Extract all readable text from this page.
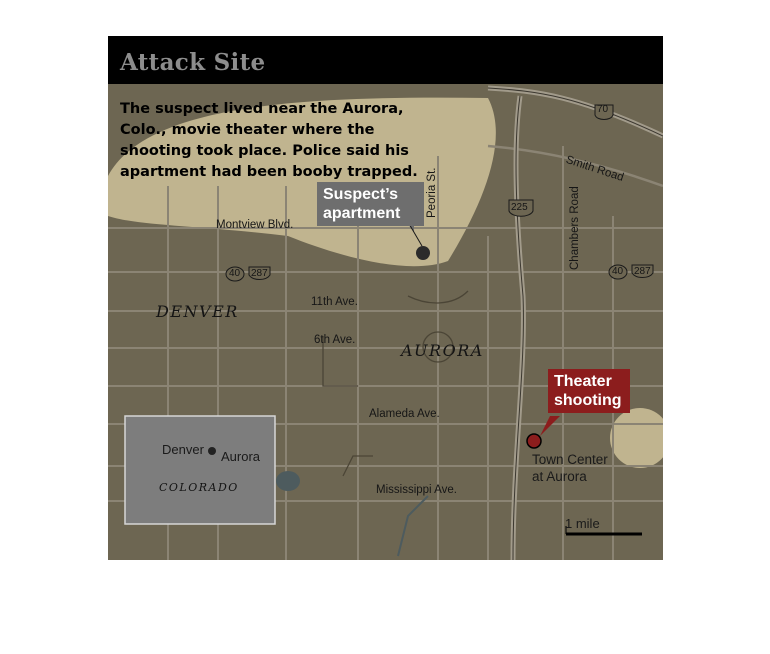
Attack Site
The suspect lived near the Aurora, Colo., movie theater where the shooting took place. Police said his apartment had been booby trapped.
Suspect’s apartment
Theater shooting
Town Center at Aurora
DENVER
AURORA
Montview Blvd.
Peoria St.	Smith Road
Chambers Road
11th Ave.
6th Ave.
Alameda Ave.
Mississippi Ave.
70
225
40 287	40 287
Denver Aurora
COLORADO
1 mile
